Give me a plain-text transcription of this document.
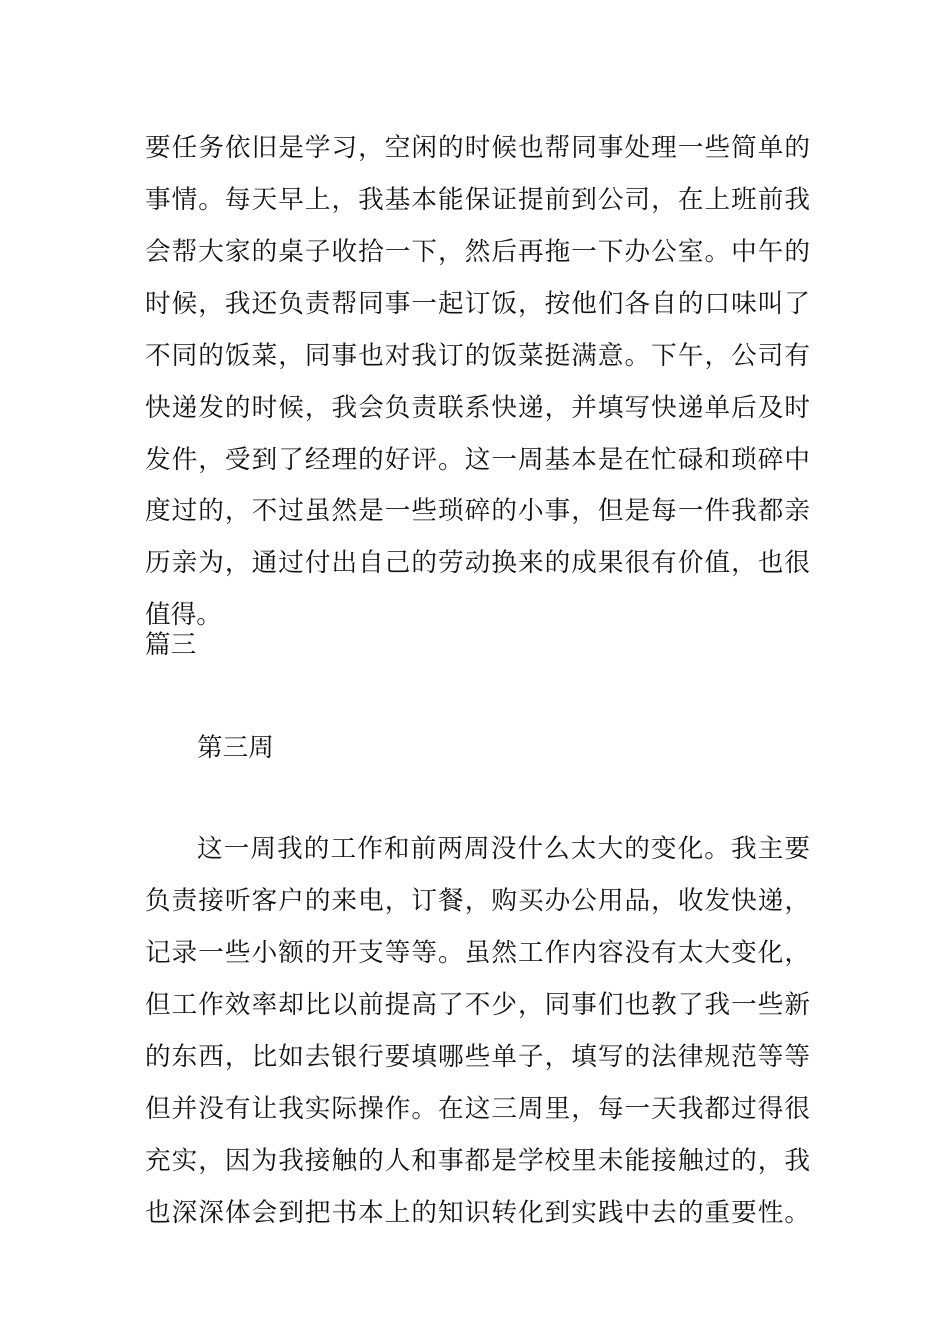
要任务依旧是学习，空闲的时候也帮同事处理一些简单的
事情。每天早上，我基本能保证提前到公司，在上班前我
会帮大家的桌子收拾一下，然后再拖一下办公室。中午的
时候，我还负责帮同事一起订饭，按他们各自的口味叫了
不同的饭菜，同事也对我订的饭菜挺满意。下午，公司有
快递发的时候，我会负责联系快递，并填写快递单后及时
发件，受到了经理的好评。这一周基本是在忙碌和琐碎中
度过的，不过虽然是一些琐碎的小事，但是每一件我都亲
历亲为，通过付出自己的劳动换来的成果很有价值，也很
值得。
篇三
第三周
这一周我的工作和前两周没什么太大的变化。我主要
负责接听客户的来电，订餐，购买办公用品，收发快递，
记录一些小额的开支等等。虽然工作内容没有太大变化，
但工作效率却比以前提高了不少，同事们也教了我一些新
的东西，比如去银行要填哪些单子，填写的法律规范等等
但并没有让我实际操作。在这三周里，每一天我都过得很
充实，因为我接触的人和事都是学校里未能接触过的，我
也深深体会到把书本上的知识转化到实践中去的重要性。
